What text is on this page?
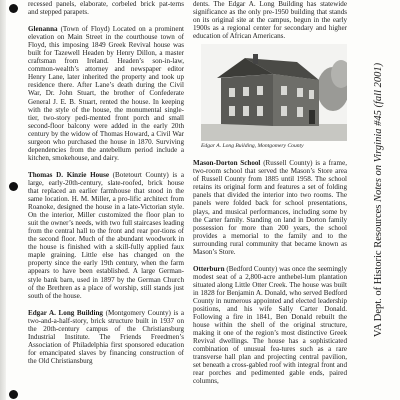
recessed panels, elaborate, corbeled brick pat-terns and stepped parapets.

Glenanna (Town of Floyd) Located on a prominent elevation on Main Street in the courthouse town of Floyd, this imposing 1849 Greek Revival house was built for Tazewell Headen by Henry Dillon, a master craftsman from Ireland. Headen’s son-in-law, common-wealth’s attorney and newspaper editor Henry Lane, later inherited the property and took up residence there. After Lane’s death during the Civil War, Dr. John Stuart, the brother of Confederate General J. E. B. Stuart, rented the house. In keeping with the style of the house, the monumental single-tier, two-story pedi-mented front porch and small second-floor balcony were added in the early 20th century by the widow of Thomas Howard, a Civil War surgeon who purchased the house in 1870. Surviving dependencies from the antebellum period include a kitchen, smokehouse, and dairy.

Thomas D. Kinzie House (Botetourt County) is a large, early-20th-century, slate-roofed, brick house that replaced an earlier farmhouse that stood in the same location. H. M. Miller, a pro-lific architect from Roanoke, designed the house in a late-Victorian style. On the interior, Miller customized the floor plan to suit the owner’s needs, with two full staircases leading from the central hall to the front and rear por-tions of the second floor. Much of the abundant woodwork in the house is finished with a skill-fully applied faux maple graining. Little else has changed on the property since the early 19th century, when the farm appears to have been established. A large German-style bank barn, used in 1897 by the German Church of the Brethren as a place of worship, still stands just south of the house.

Edgar A. Long Building (Montgomery County) is a two-and-a-half-story, brick structure built in 1937 on the 20th-century campus of the Christiansburg Industrial Institute. The Friends Freedmen’s Association of Philadelphia first sponsored education for emancipated slaves by financing construction of the Old Christiansburg

dents. The Edgar A. Long Building has statewide significance as the only pre-1950 building that stands on its original site at the campus, begun in the early 1900s as a regional center for secondary and higher education of African Americans.

Edgar A. Long Building, Montgomery County

Mason-Dorton School (Russell County) is a frame, two-room school that served the Mason’s Store area of Russell County from 1885 until 1958. The school retains its original form and features a set of folding panels that divided the interior into two rooms. The panels were folded back for school presentations, plays, and musical performances, including some by the Carter family. Standing on land in Dorton family possession for more than 200 years, the school provides a memorial to the family and to the surrounding rural community that became known as Mason’s Store.

Otterburn (Bedford County) was once the seemingly modest seat of a 2,800-acre anthebel-lum plantation situated along Little Otter Creek. The house was built in 1828 for Benjamin A. Donald, who served Bedford County in numerous appointed and elected leadership positions, and his wife Sally Carter Donald. Following a fire in 1841, Ben Donald rebuilt the house within the shell of the original structure, making it one of the region’s most distinctive Greek Revival dwellings. The house has a sophisticated combination of unusual fea-tures such as a rare transverse hall plan and projecting central pavilion, set beneath a cross-gabled roof with integral front and rear porches and pedimented gable ends, paired columns,

VA Dept. of Historic Resources Notes on Virginia #45 (fall 2001)
